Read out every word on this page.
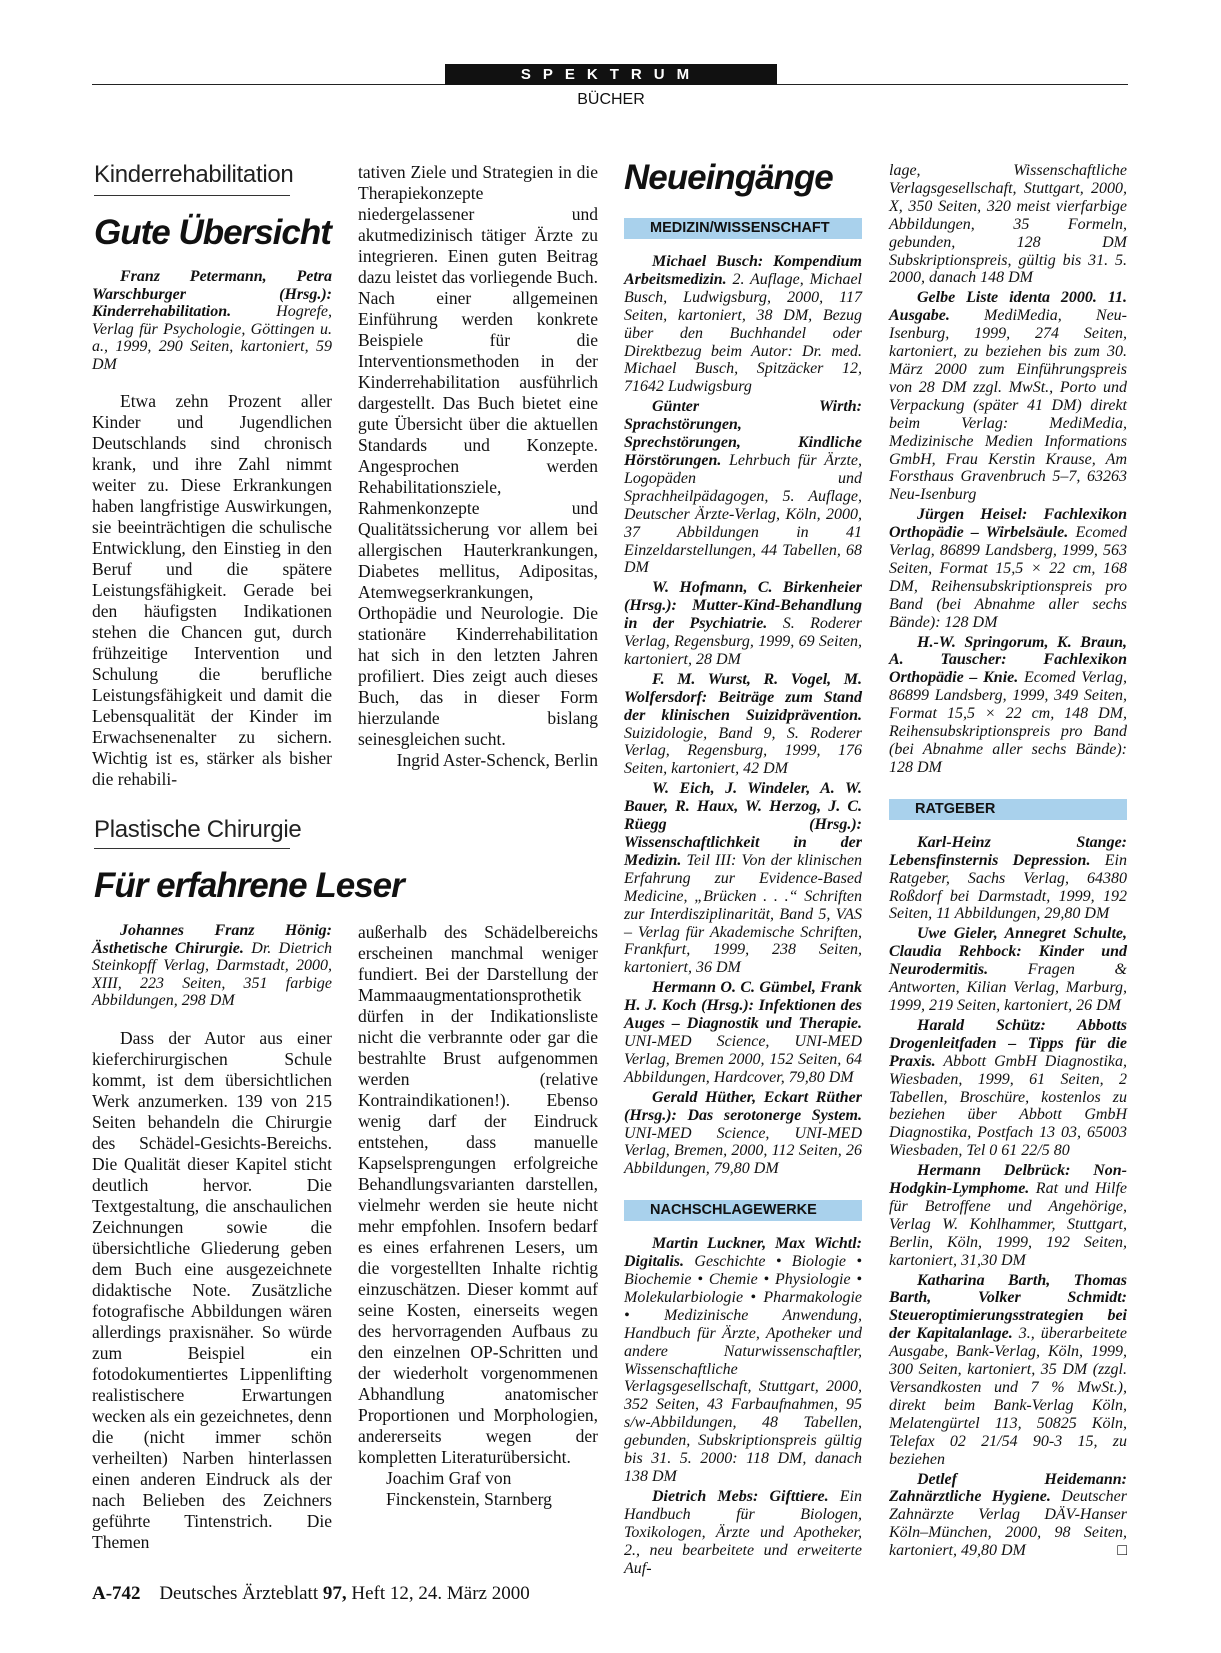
SPEKTRUM
BÜCHER
Kinderrehabilitation
Gute Übersicht

Franz Petermann, Petra Warschburger (Hrsg.): Kinderrehabilitation. Hogrefe, Verlag für Psychologie, Göttingen u. a., 1999, 290 Seiten, kartoniert, 59 DM

Etwa zehn Prozent aller Kinder und Jugendlichen Deutschlands sind chronisch krank, und ihre Zahl nimmt weiter zu. Diese Erkrankungen haben langfristige Auswirkungen, sie beeinträchtigen die schulische Entwicklung, den Einstieg in den Beruf und die spätere Leistungsfähigkeit. Gerade bei den häufigsten Indikationen stehen die Chancen gut, durch frühzeitige Intervention und Schulung die berufliche Leistungsfähigkeit und damit die Lebensqualität der Kinder im Erwachsenenalter zu sichern. Wichtig ist es, stärker als bisher die rehabili-

tativen Ziele und Strategien in die Therapiekonzepte niedergelassener und akutmedizinisch tätiger Ärzte zu integrieren. Einen guten Beitrag dazu leistet das vorliegende Buch. Nach einer allgemeinen Einführung werden konkrete Beispiele für die Interventionsmethoden in der Kinderrehabilitation ausführlich dargestellt. Das Buch bietet eine gute Übersicht über die aktuellen Standards und Konzepte. Angesprochen werden Rehabilitationsziele, Rahmenkonzepte und Qualitätssicherung vor allem bei allergischen Hauterkrankungen, Diabetes mellitus, Adipositas, Atemwegserkrankungen, Orthopädie und Neurologie. Die stationäre Kinderrehabilitation hat sich in den letzten Jahren profiliert. Dies zeigt auch dieses Buch, das in dieser Form hierzulande bislang seinesgleichen sucht.

Ingrid Aster-Schenck, Berlin

Plastische Chirurgie
Für erfahrene Leser

Johannes Franz Hönig: Ästhetische Chirurgie. Dr. Dietrich Steinkopff Verlag, Darmstadt, 2000, XIII, 223 Seiten, 351 farbige Abbildungen, 298 DM

Dass der Autor aus einer kieferchirurgischen Schule kommt, ist dem übersichtlichen Werk anzumerken. 139 von 215 Seiten behandeln die Chirurgie des Schädel-Gesichts-Bereichs. Die Qualität dieser Kapitel sticht deutlich hervor. Die Textgestaltung, die anschaulichen Zeichnungen sowie die übersichtliche Gliederung geben dem Buch eine ausgezeichnete didaktische Note. Zusätzliche fotografische Abbildungen wären allerdings praxisnäher. So würde zum Beispiel ein fotodokumentiertes Lippenlifting realistischere Erwartungen wecken als ein gezeichnetes, denn die (nicht immer schön verheilten) Narben hinterlassen einen anderen Eindruck als der nach Belieben des Zeichners geführte Tintenstrich. Die Themen

außerhalb des Schädelbereichs erscheinen manchmal weniger fundiert. Bei der Darstellung der Mammaaugmentationsprothetik dürfen in der Indikationsliste nicht die verbrannte oder gar die bestrahlte Brust aufgenommen werden (relative Kontraindikationen!). Ebenso wenig darf der Eindruck entstehen, dass manuelle Kapselsprengungen erfolgreiche Behandlungsvarianten darstellen, vielmehr werden sie heute nicht mehr empfohlen. Insofern bedarf es eines erfahrenen Lesers, um die vorgestellten Inhalte richtig einzuschätzen. Dieser kommt auf seine Kosten, einerseits wegen des hervorragenden Aufbaus zu den einzelnen OP-Schritten und der wiederholt vorgenommenen Abhandlung anatomischer Proportionen und Morphologien, andererseits wegen der kompletten Literaturübersicht.

Joachim Graf von

Finckenstein, Starnberg

Neueingänge
MEDIZIN/WISSENSCHAFT

Michael Busch: Kompendium Arbeitsmedizin. 2. Auflage, Michael Busch, Ludwigsburg, 2000, 117 Seiten, kartoniert, 38 DM, Bezug über den Buchhandel oder Direktbezug beim Autor: Dr. med. Michael Busch, Spitzäcker 12, 71642 Ludwigsburg

Günter Wirth: Sprachstörungen, Sprechstörungen, Kindliche Hörstörungen. Lehrbuch für Ärzte, Logopäden und Sprachheilpädagogen, 5. Auflage, Deutscher Ärzte-Verlag, Köln, 2000, 37 Abbildungen in 41 Einzeldarstellungen, 44 Tabellen, 68 DM

W. Hofmann, C. Birkenheier (Hrsg.): Mutter-Kind-Behandlung in der Psychiatrie. S. Roderer Verlag, Regensburg, 1999, 69 Seiten, kartoniert, 28 DM

F. M. Wurst, R. Vogel, M. Wolfersdorf: Beiträge zum Stand der klinischen Suizidprävention. Suizidologie, Band 9, S. Roderer Verlag, Regensburg, 1999, 176 Seiten, kartoniert, 42 DM

W. Eich, J. Windeler, A. W. Bauer, R. Haux, W. Herzog, J. C. Rüegg (Hrsg.): Wissenschaftlichkeit in der Medizin. Teil III: Von der klinischen Erfahrung zur Evidence-Based Medicine, „Brücken . . .“ Schriften zur Interdisziplinarität, Band 5, VAS – Verlag für Akademische Schriften, Frankfurt, 1999, 238 Seiten, kartoniert, 36 DM

Hermann O. C. Gümbel, Frank H. J. Koch (Hrsg.): Infektionen des Auges – Diagnostik und Therapie. UNI-MED Science, UNI-MED Verlag, Bremen 2000, 152 Seiten, 64 Abbildungen, Hardcover, 79,80 DM

Gerald Hüther, Eckart Rüther (Hrsg.): Das serotonerge System. UNI-MED Science, UNI-MED Verlag, Bremen, 2000, 112 Seiten, 26 Abbildungen, 79,80 DM

NACHSCHLAGEWERKE

Martin Luckner, Max Wichtl: Digitalis. Geschichte • Biologie • Biochemie • Chemie • Physiologie • Molekularbiologie • Pharmakologie • Medizinische Anwendung, Handbuch für Ärzte, Apotheker und andere Naturwissenschaftler, Wissenschaftliche Verlagsgesellschaft, Stuttgart, 2000, 352 Seiten, 43 Farbaufnahmen, 95 s/w-Abbildungen, 48 Tabellen, gebunden, Subskriptionspreis gültig bis 31. 5. 2000: 118 DM, danach 138 DM

Dietrich Mebs: Gifttiere. Ein Handbuch für Biologen, Toxikologen, Ärzte und Apotheker, 2., neu bearbeitete und erweiterte Auf-

lage, Wissenschaftliche Verlagsgesellschaft, Stuttgart, 2000, X, 350 Seiten, 320 meist vierfarbige Abbildungen, 35 Formeln, gebunden, 128 DM Subskriptionspreis, gültig bis 31. 5. 2000, danach 148 DM

Gelbe Liste identa 2000. 11. Ausgabe. MediMedia, Neu-Isenburg, 1999, 274 Seiten, kartoniert, zu beziehen bis zum 30. März 2000 zum Einführungspreis von 28 DM zzgl. MwSt., Porto und Verpackung (später 41 DM) direkt beim Verlag: MediMedia, Medizinische Medien Informations GmbH, Frau Kerstin Krause, Am Forsthaus Gravenbruch 5–7, 63263 Neu-Isenburg

Jürgen Heisel: Fachlexikon Orthopädie – Wirbelsäule. Ecomed Verlag, 86899 Landsberg, 1999, 563 Seiten, Format 15,5 × 22 cm, 168 DM, Reihensubskriptionspreis pro Band (bei Abnahme aller sechs Bände): 128 DM

H.-W. Springorum, K. Braun, A. Tauscher: Fachlexikon Orthopädie – Knie. Ecomed Verlag, 86899 Landsberg, 1999, 349 Seiten, Format 15,5 × 22 cm, 148 DM, Reihensubskriptionspreis pro Band (bei Abnahme aller sechs Bände): 128 DM

RATGEBER

Karl-Heinz Stange: Lebensfinsternis Depression. Ein Ratgeber, Sachs Verlag, 64380 Roßdorf bei Darmstadt, 1999, 192 Seiten, 11 Abbildungen, 29,80 DM

Uwe Gieler, Annegret Schulte, Claudia Rehbock: Kinder und Neurodermitis. Fragen & Antworten, Kilian Verlag, Marburg, 1999, 219 Seiten, kartoniert, 26 DM

Harald Schütz: Abbotts Drogenleitfaden – Tipps für die Praxis. Abbott GmbH Diagnostika, Wiesbaden, 1999, 61 Seiten, 2 Tabellen, Broschüre, kostenlos zu beziehen über Abbott GmbH Diagnostika, Postfach 13 03, 65003 Wiesbaden, Tel 0 61 22/5 80

Hermann Delbrück: Non-Hodgkin-Lymphome. Rat und Hilfe für Betroffene und Angehörige, Verlag W. Kohlhammer, Stuttgart, Berlin, Köln, 1999, 192 Seiten, kartoniert, 31,30 DM

Katharina Barth, Thomas Barth, Volker Schmidt: Steueroptimierungsstrategien bei der Kapitalanlage. 3., überarbeitete Ausgabe, Bank-Verlag, Köln, 1999, 300 Seiten, kartoniert, 35 DM (zzgl. Versandkosten und 7 % MwSt.), direkt beim Bank-Verlag Köln, Melatengürtel 113, 50825 Köln, Telefax 02 21/54 90-3 15, zu beziehen

Detlef Heidemann: Zahnärztliche Hygiene. Deutscher Zahnärzte Verlag DÄV-Hanser Köln–München, 2000, 98 Seiten, kartoniert, 49,80 DM	□

A-742 Deutsches Ärzteblatt 97, Heft 12, 24. März 2000
